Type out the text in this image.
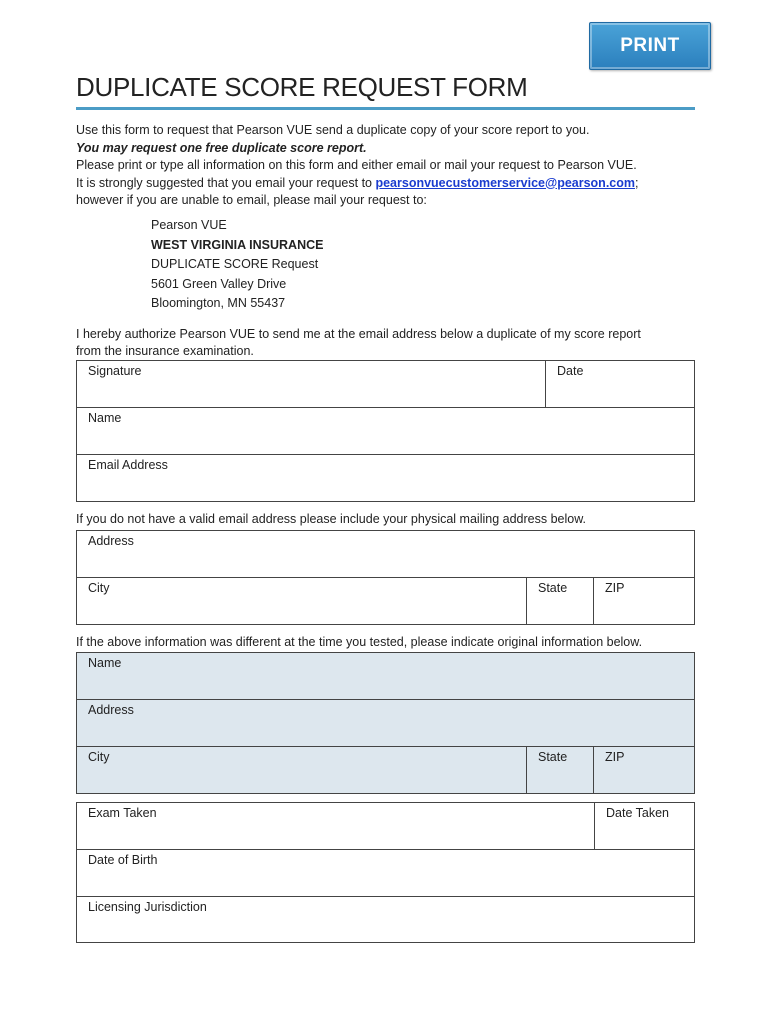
PRINT
DUPLICATE SCORE REQUEST FORM

Use this form to request that Pearson VUE send a duplicate copy of your score report to you.

You may request one free duplicate score report.

Please print or type all information on this form and either email or mail your request to Pearson VUE.

It is strongly suggested that you email your request to pearsonvuecustomerservice@pearson.com;

however if you are unable to email, please mail your request to:

Pearson VUE
WEST VIRGINIA INSURANCE
DUPLICATE SCORE Request
5601 Green Valley Drive
Bloomington, MN 55437

I hereby authorize Pearson VUE to send me at the email address below a duplicate of my score report

from the insurance examination.

Signature	Date
Name
Email Address

If you do not have a valid email address please include your physical mailing address below.

Address
City	State	ZIP

If the above information was different at the time you tested, please indicate original information below.

Name
Address
City	State	ZIP
Exam Taken	Date Taken
Date of Birth
Licensing Jurisdiction
